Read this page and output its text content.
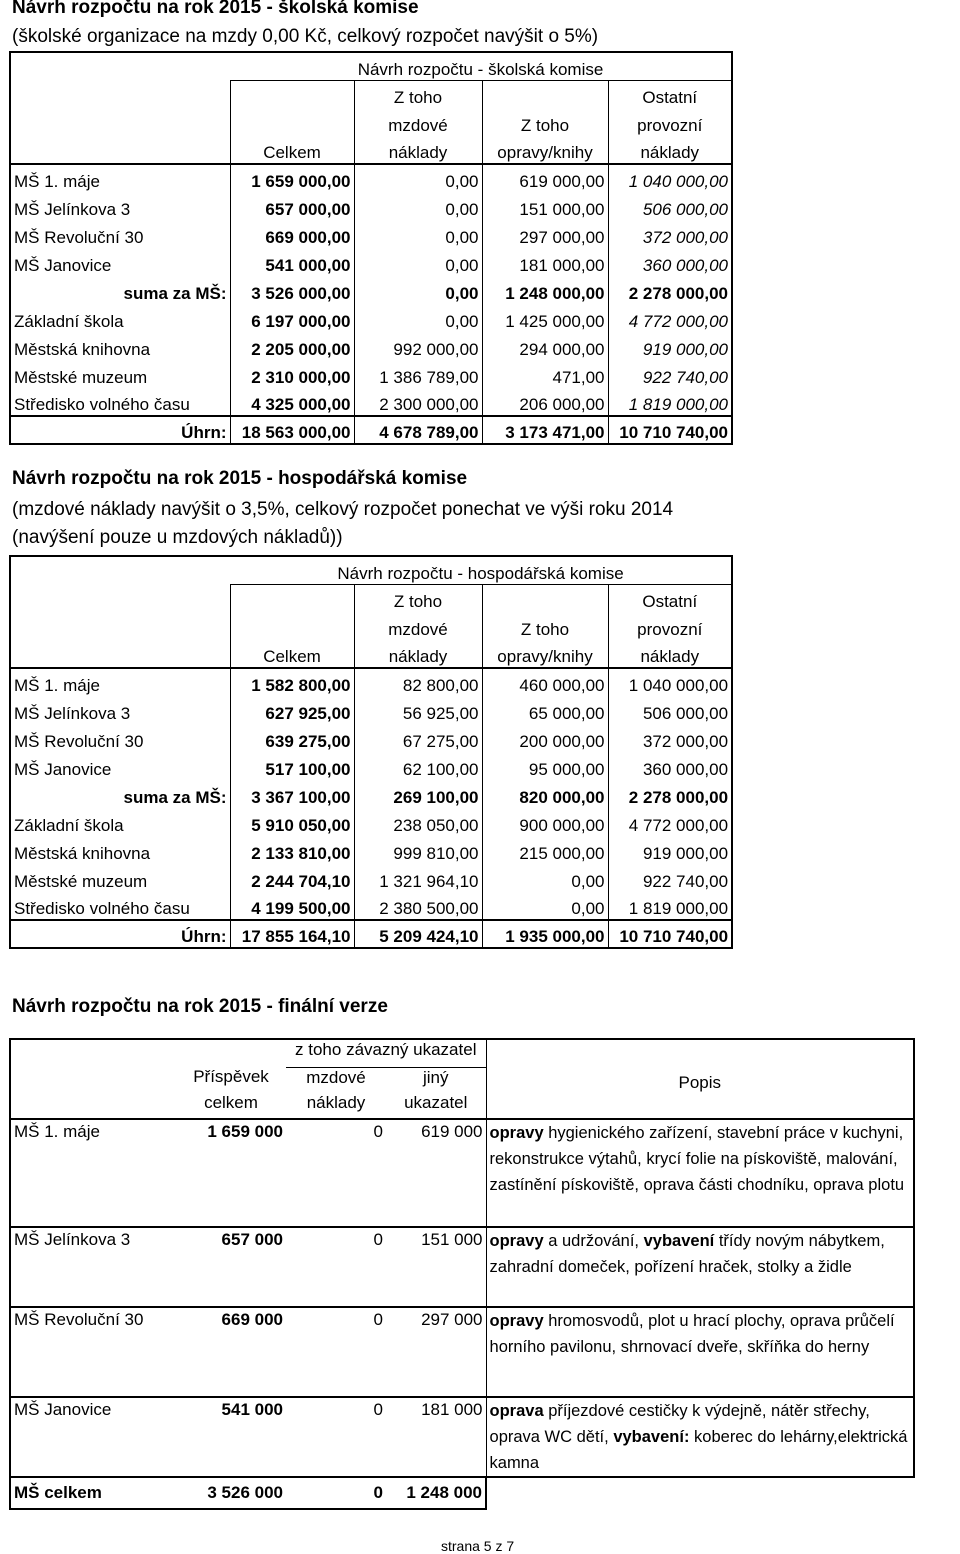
Návrh rozpočtu na rok 2015 - školská komise
(školské organizace na mzdy 0,00 Kč, celkový rozpočet navýšit o 5%)
	Návrh rozpočtu - školská komise			
		Z toho		Ostatní
		mzdové	Z toho	provozní
	Celkem	náklady	opravy/knihy	náklady
MŠ 1. máje	1 659 000,00	0,00	619 000,00	1 040 000,00
MŠ Jelínkova 3	657 000,00	0,00	151 000,00	506 000,00
MŠ Revoluční 30	669 000,00	0,00	297 000,00	372 000,00
MŠ Janovice	541 000,00	0,00	181 000,00	360 000,00
suma za MŠ:	3 526 000,00	0,00	1 248 000,00	2 278 000,00
Základní škola	6 197 000,00	0,00	1 425 000,00	4 772 000,00
Městská knihovna	2 205 000,00	992 000,00	294 000,00	919 000,00
Městské muzeum	2 310 000,00	1 386 789,00	471,00	922 740,00
Středisko volného času	4 325 000,00	2 300 000,00	206 000,00	1 819 000,00
Úhrn:	18 563 000,00	4 678 789,00	3 173 471,00	10 710 740,00
Návrh rozpočtu na rok 2015 - hospodářská komise
(mzdové náklady navýšit o 3,5%, celkový rozpočet ponechat ve výši roku 2014
(navýšení pouze u mzdových nákladů))
	Návrh rozpočtu - hospodářská komise			
		Z toho		Ostatní
		mzdové	Z toho	provozní
	Celkem	náklady	opravy/knihy	náklady
MŠ 1. máje	1 582 800,00	82 800,00	460 000,00	1 040 000,00
MŠ Jelínkova 3	627 925,00	56 925,00	65 000,00	506 000,00
MŠ Revoluční 30	639 275,00	67 275,00	200 000,00	372 000,00
MŠ Janovice	517 100,00	62 100,00	95 000,00	360 000,00
suma za MŠ:	3 367 100,00	269 100,00	820 000,00	2 278 000,00
Základní škola	5 910 050,00	238 050,00	900 000,00	4 772 000,00
Městská knihovna	2 133 810,00	999 810,00	215 000,00	919 000,00
Městské muzeum	2 244 704,10	1 321 964,10	0,00	922 740,00
Středisko volného času	4 199 500,00	2 380 500,00	0,00	1 819 000,00
Úhrn:	17 855 164,10	5 209 424,10	1 935 000,00	10 710 740,00
Návrh rozpočtu na rok 2015 - finální verze
		z toho závazný ukazatel		Popis
	Příspěvek	mzdové	jiný	
	celkem	náklady	ukazatel	
MŠ 1. máje	1 659 000	0	619 000	opravy hygienického zařízení, stavební práce v kuchyni, rekonstrukce výtahů, krycí folie na pískoviště, malování, zastínění pískoviště, oprava části chodníku, oprava plotu
MŠ Jelínkova 3	657 000	0	151 000	opravy a udržování, vybavení třídy novým nábytkem, zahradní domeček, pořízení hraček, stolky a židle
MŠ Revoluční 30	669 000	0	297 000	opravy hromosvodů, plot u hrací plochy, oprava průčelí horního pavilonu, shrnovací dveře, skříňka do herny
MŠ Janovice	541 000	0	181 000	oprava příjezdové cestičky k výdejně, nátěr střechy, oprava WC dětí, vybavení: koberec do lehárny,elektrická kamna
MŠ celkem	3 526 000	0	1 248 000	
strana 5 z 7
